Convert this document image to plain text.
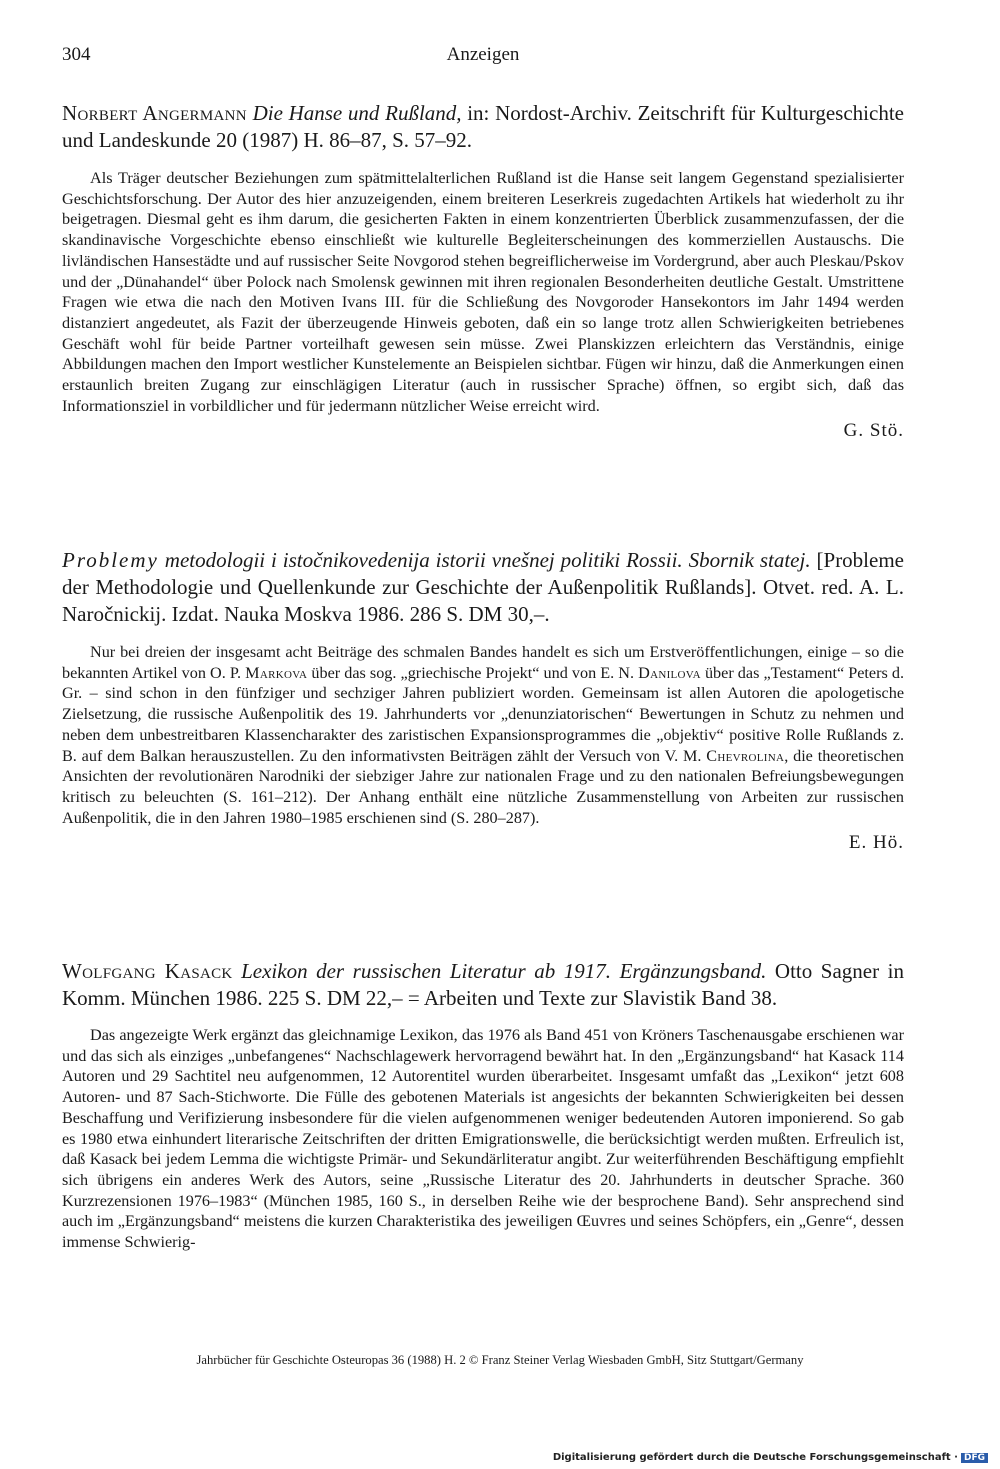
304	Anzeigen

Norbert Angermann Die Hanse und Rußland, in: Nordost-Archiv. Zeitschrift für Kulturgeschichte und Landeskunde 20 (1987) H. 86–87, S. 57–92.

Als Träger deutscher Beziehungen zum spätmittelalterlichen Rußland ist die Hanse seit langem Gegenstand spezialisierter Geschichtsforschung. Der Autor des hier anzuzeigenden, einem breiteren Leserkreis zugedachten Artikels hat wiederholt zu ihr beigetragen. Diesmal geht es ihm darum, die gesicherten Fakten in einem konzentrierten Überblick zusammenzufassen, der die skandinavische Vorgeschichte ebenso einschließt wie kulturelle Begleiterscheinungen des kommerziellen Austauschs. Die livländischen Hansestädte und auf russischer Seite Novgorod stehen begreiflicherweise im Vordergrund, aber auch Pleskau/Pskov und der „Dünahandel“ über Polock nach Smolensk gewinnen mit ihren regionalen Besonderheiten deutliche Gestalt. Umstrittene Fragen wie etwa die nach den Motiven Ivans III. für die Schließung des Novgoroder Hansekontors im Jahr 1494 werden distanziert angedeutet, als Fazit der überzeugende Hinweis geboten, daß ein so lange trotz allen Schwierigkeiten betriebenes Geschäft wohl für beide Partner vorteilhaft gewesen sein müsse. Zwei Planskizzen erleichtern das Verständnis, einige Abbildungen machen den Import westlicher Kunstelemente an Beispielen sichtbar. Fügen wir hinzu, daß die Anmerkungen einen erstaunlich breiten Zugang zur einschlägigen Literatur (auch in russischer Sprache) öffnen, so ergibt sich, daß das Informationsziel in vorbildlicher und für jedermann nützlicher Weise erreicht wird.

G. Stö.

Problemy metodologii i istočnikovedenija istorii vnešnej politiki Rossii. Sbornik statej. [Probleme der Methodologie und Quellenkunde zur Geschichte der Außenpolitik Rußlands]. Otvet. red. A. L. Naročnickij. Izdat. Nauka Moskva 1986. 286 S. DM 30,–.

Nur bei dreien der insgesamt acht Beiträge des schmalen Bandes handelt es sich um Erstveröffentlichungen, einige – so die bekannten Artikel von O. P. Markova über das sog. „griechische Projekt“ und von E. N. Danilova über das „Testament“ Peters d. Gr. – sind schon in den fünfziger und sechziger Jahren publiziert worden. Gemeinsam ist allen Autoren die apologetische Zielsetzung, die russische Außenpolitik des 19. Jahrhunderts vor „denunziatorischen“ Bewertungen in Schutz zu nehmen und neben dem unbestreitbaren Klassencharakter des zaristischen Expansionsprogrammes die „objektiv“ positive Rolle Rußlands z. B. auf dem Balkan herauszustellen. Zu den informativsten Beiträgen zählt der Versuch von V. M. Chevrolina, die theoretischen Ansichten der revolutionären Narodniki der siebziger Jahre zur nationalen Frage und zu den nationalen Befreiungsbewegungen kritisch zu beleuchten (S. 161–212). Der Anhang enthält eine nützliche Zusammenstellung von Arbeiten zur russischen Außenpolitik, die in den Jahren 1980–1985 erschienen sind (S. 280–287).

E. Hö.

Wolfgang Kasack Lexikon der russischen Literatur ab 1917. Ergänzungsband. Otto Sagner in Komm. München 1986. 225 S. DM 22,– = Arbeiten und Texte zur Slavistik Band 38.

Das angezeigte Werk ergänzt das gleichnamige Lexikon, das 1976 als Band 451 von Kröners Taschenausgabe erschienen war und das sich als einziges „unbefangenes“ Nachschlagewerk hervorragend bewährt hat. In den „Ergänzungsband“ hat Kasack 114 Autoren und 29 Sachtitel neu aufgenommen, 12 Autorentitel wurden überarbeitet. Insgesamt umfaßt das „Lexikon“ jetzt 608 Autoren- und 87 Sach-Stichworte. Die Fülle des gebotenen Materials ist angesichts der bekannten Schwierigkeiten bei dessen Beschaffung und Verifizierung insbesondere für die vielen aufgenommenen weniger bedeutenden Autoren imponierend. So gab es 1980 etwa einhundert literarische Zeitschriften der dritten Emigrationswelle, die berücksichtigt werden mußten. Erfreulich ist, daß Kasack bei jedem Lemma die wichtigste Primär- und Sekundärliteratur angibt. Zur weiterführenden Beschäftigung empfiehlt sich übrigens ein anderes Werk des Autors, seine „Russische Literatur des 20. Jahrhunderts in deutscher Sprache. 360 Kurzrezensionen 1976–1983“ (München 1985, 160 S., in derselben Reihe wie der besprochene Band). Sehr ansprechend sind auch im „Ergänzungsband“ meistens die kurzen Charakteristika des jeweiligen Œuvres und seines Schöpfers, ein „Genre“, dessen immense Schwierig-

Jahrbücher für Geschichte Osteuropas 36 (1988) H. 2 © Franz Steiner Verlag Wiesbaden GmbH, Sitz Stuttgart/Germany
Digitalisierung gefördert durch die Deutsche Forschungsgemeinschaft · DFG
